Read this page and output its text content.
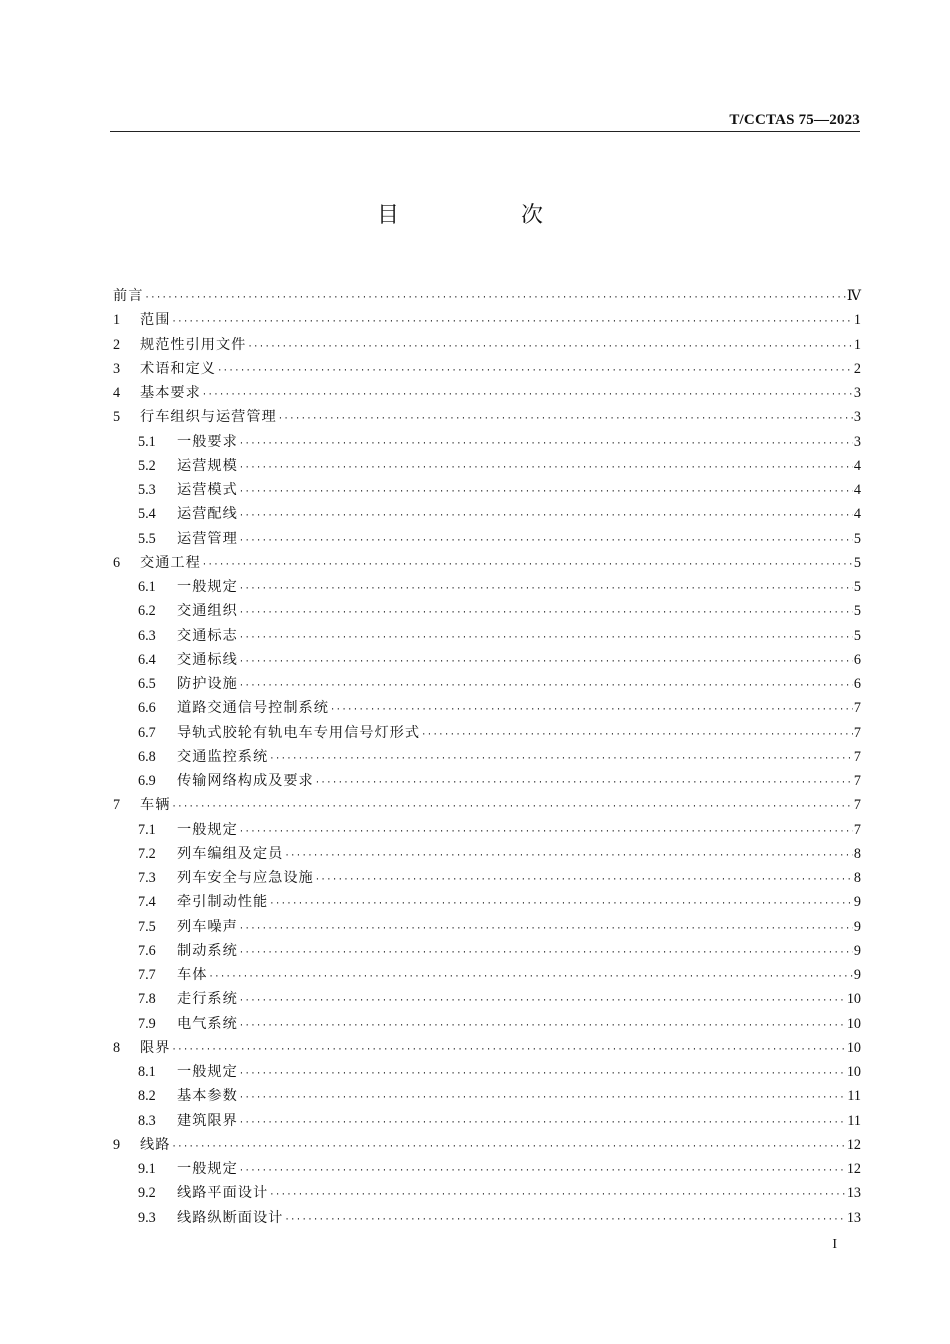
T/CCTAS 75—2023
目　次
前言 ·····	Ⅳ
1	范围 ·····	1
2	规范性引用文件 ·····	1
3	术语和定义 ·····	2
4	基本要求 ·····	3
5	行车组织与运营管理 ·····	3
5.1	一般要求 ·····	3
5.2	运营规模 ·····	4
5.3	运营模式 ·····	4
5.4	运营配线 ·····	4
5.5	运营管理 ·····	5
6	交通工程 ·····	5
6.1	一般规定 ·····	5
6.2	交通组织 ·····	5
6.3	交通标志 ·····	5
6.4	交通标线 ·····	6
6.5	防护设施 ·····	6
6.6	道路交通信号控制系统 ·····	7
6.7	导轨式胶轮有轨电车专用信号灯形式 ·····	7
6.8	交通监控系统 ·····	7
6.9	传输网络构成及要求 ·····	7
7	车辆 ·····	7
7.1	一般规定 ·····	7
7.2	列车编组及定员 ·····	8
7.3	列车安全与应急设施 ·····	8
7.4	牵引制动性能 ·····	9
7.5	列车噪声 ·····	9
7.6	制动系统 ·····	9
7.7	车体 ·····	9
7.8	走行系统 ·····	10
7.9	电气系统 ·····	10
8	限界 ·····	10
8.1	一般规定 ·····	10
8.2	基本参数 ·····	11
8.3	建筑限界 ·····	11
9	线路 ·····	12
9.1	一般规定 ·····	12
9.2	线路平面设计 ·····	13
9.3	线路纵断面设计 ·····	13
I
